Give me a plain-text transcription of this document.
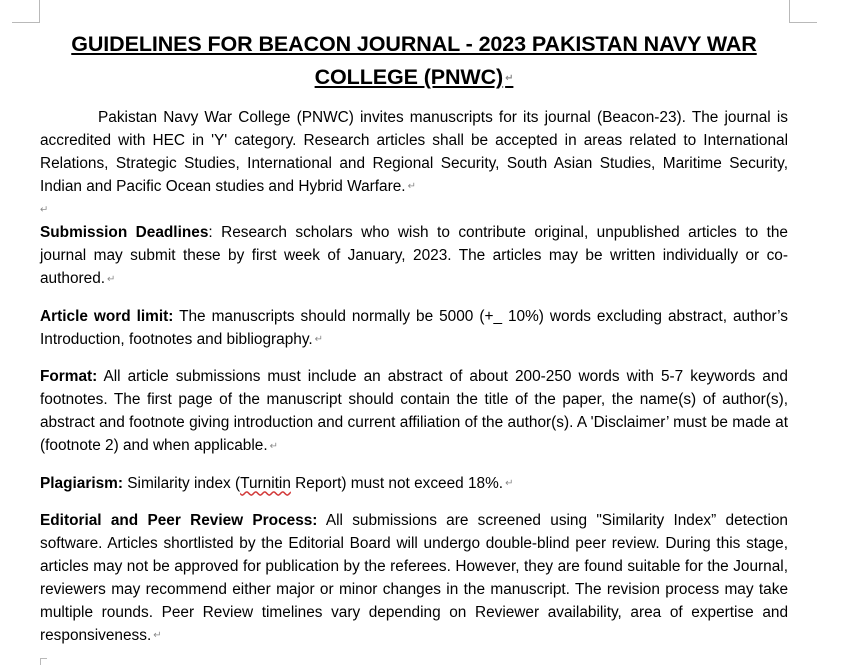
GUIDELINES FOR BEACON JOURNAL - 2023 PAKISTAN NAVY WAR COLLEGE (PNWC) ↵

Pakistan Navy War College (PNWC) invites manuscripts for its journal (Beacon-23). The journal is accredited with HEC in 'Y' category. Research articles shall be accepted in areas related to International Relations, Strategic Studies, International and Regional Security, South Asian Studies, Maritime Security, Indian and Pacific Ocean studies and Hybrid Warfare. ↵

↵

Submission Deadlines: Research scholars who wish to contribute original, unpublished articles to the journal may submit these by first week of January, 2023. The articles may be written individually or co-authored. ↵

Article word limit: The manuscripts should normally be 5000 (+_ 10%) words excluding abstract, author’s Introduction, footnotes and bibliography. ↵

Format: All article submissions must include an abstract of about 200-250 words with 5-7 keywords and footnotes. The first page of the manuscript should contain the title of the paper, the name(s) of author(s), abstract and footnote giving introduction and current affiliation of the author(s). A 'Disclaimer’ must be made at (footnote 2) and when applicable. ↵

Plagiarism: Similarity index (Turnitin Report) must not exceed 18%. ↵

Editorial and Peer Review Process: All submissions are screened using "Similarity Index” detection software. Articles shortlisted by the Editorial Board will undergo double-blind peer review. During this stage, articles may not be approved for publication by the referees. However, they are found suitable for the Journal, reviewers may recommend either major or minor changes in the manuscript. The revision process may take multiple rounds. Peer Review timelines vary depending on Reviewer availability, area of expertise and responsiveness. ↵
